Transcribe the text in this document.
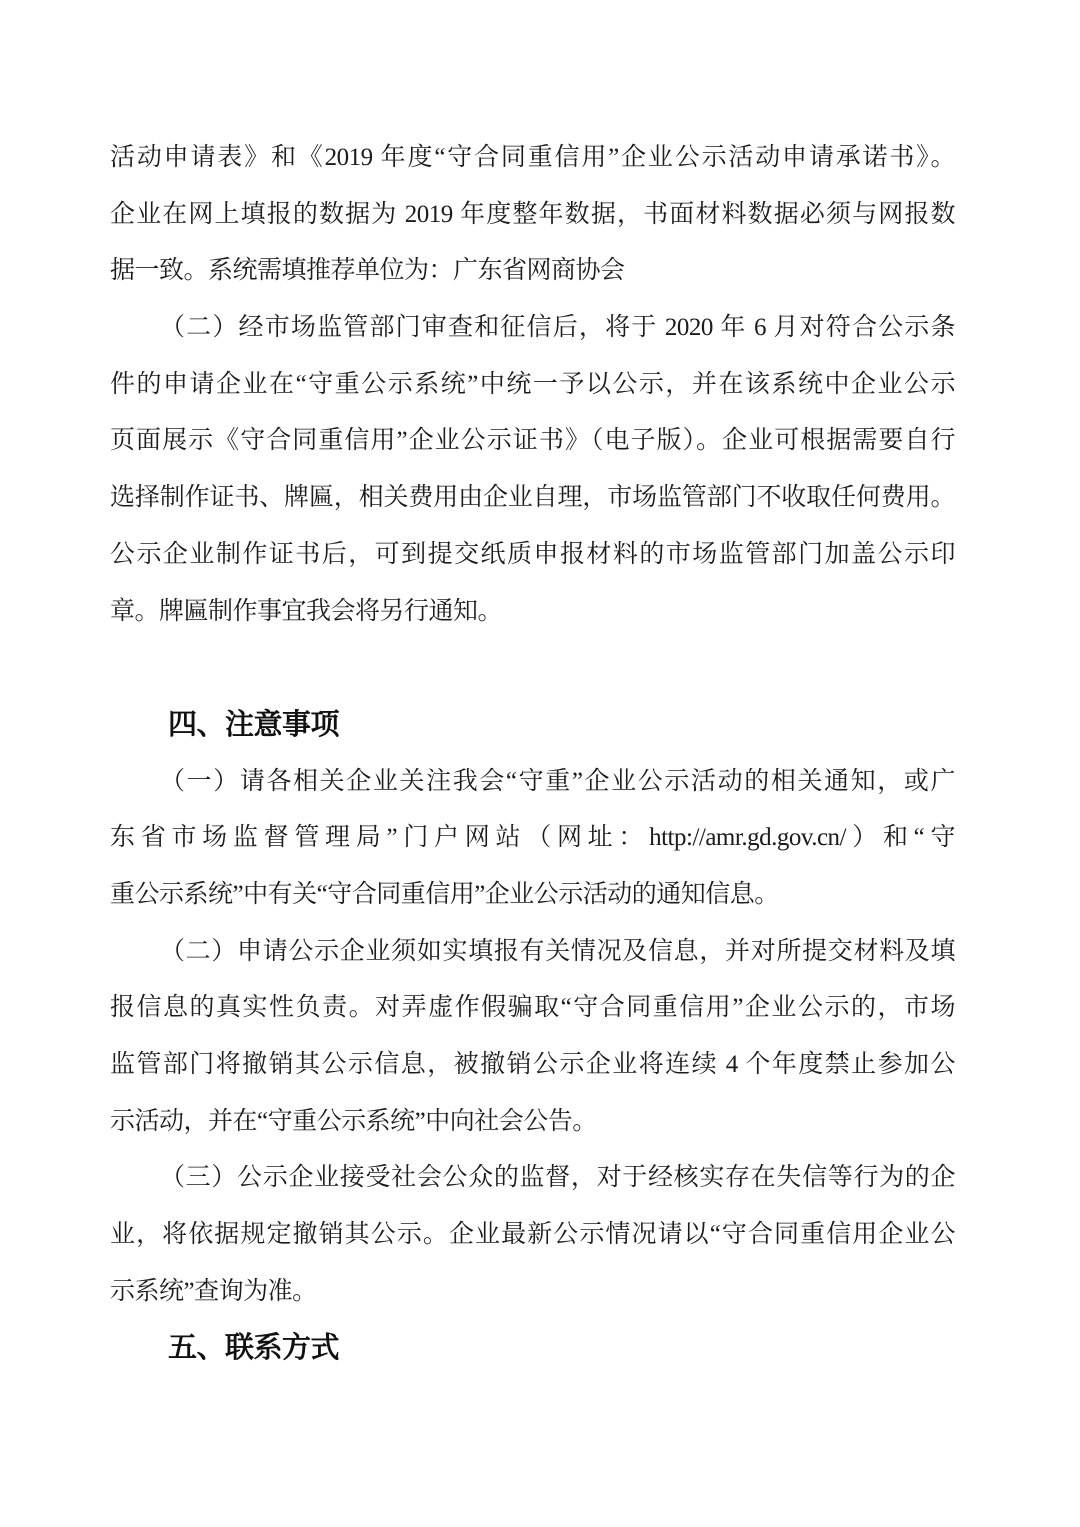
活动申请表》和《2019 年度“守合同重信用”企业公示活动申请承诺书》。
企业在网上填报的数据为 2019 年度整年数据，书面材料数据必须与网报数
据一致。系统需填推荐单位为：广东省网商协会
（二）经市场监管部门审查和征信后，将于 2020 年 6 月对符合公示条
件的申请企业在“守重公示系统”中统一予以公示，并在该系统中企业公示
页面展示《守合同重信用”企业公示证书》（电子版）。企业可根据需要自行
选择制作证书、牌匾，相关费用由企业自理，市场监管部门不收取任何费用。
公示企业制作证书后，可到提交纸质申报材料的市场监管部门加盖公示印
章。牌匾制作事宜我会将另行通知。
四、注意事项
（一）请各相关企业关注我会“守重”企业公示活动的相关通知，或广
东省市场监督管理局”门户网站（网址：http://amr.gd.gov.cn/）和“守
重公示系统”中有关“守合同重信用”企业公示活动的通知信息。
（二）申请公示企业须如实填报有关情况及信息，并对所提交材料及填
报信息的真实性负责。对弄虚作假骗取“守合同重信用”企业公示的，市场
监管部门将撤销其公示信息，被撤销公示企业将连续 4 个年度禁止参加公
示活动，并在“守重公示系统”中向社会公告。
（三）公示企业接受社会公众的监督，对于经核实存在失信等行为的企
业，将依据规定撤销其公示。企业最新公示情况请以“守合同重信用企业公
示系统”查询为准。
五、联系方式
